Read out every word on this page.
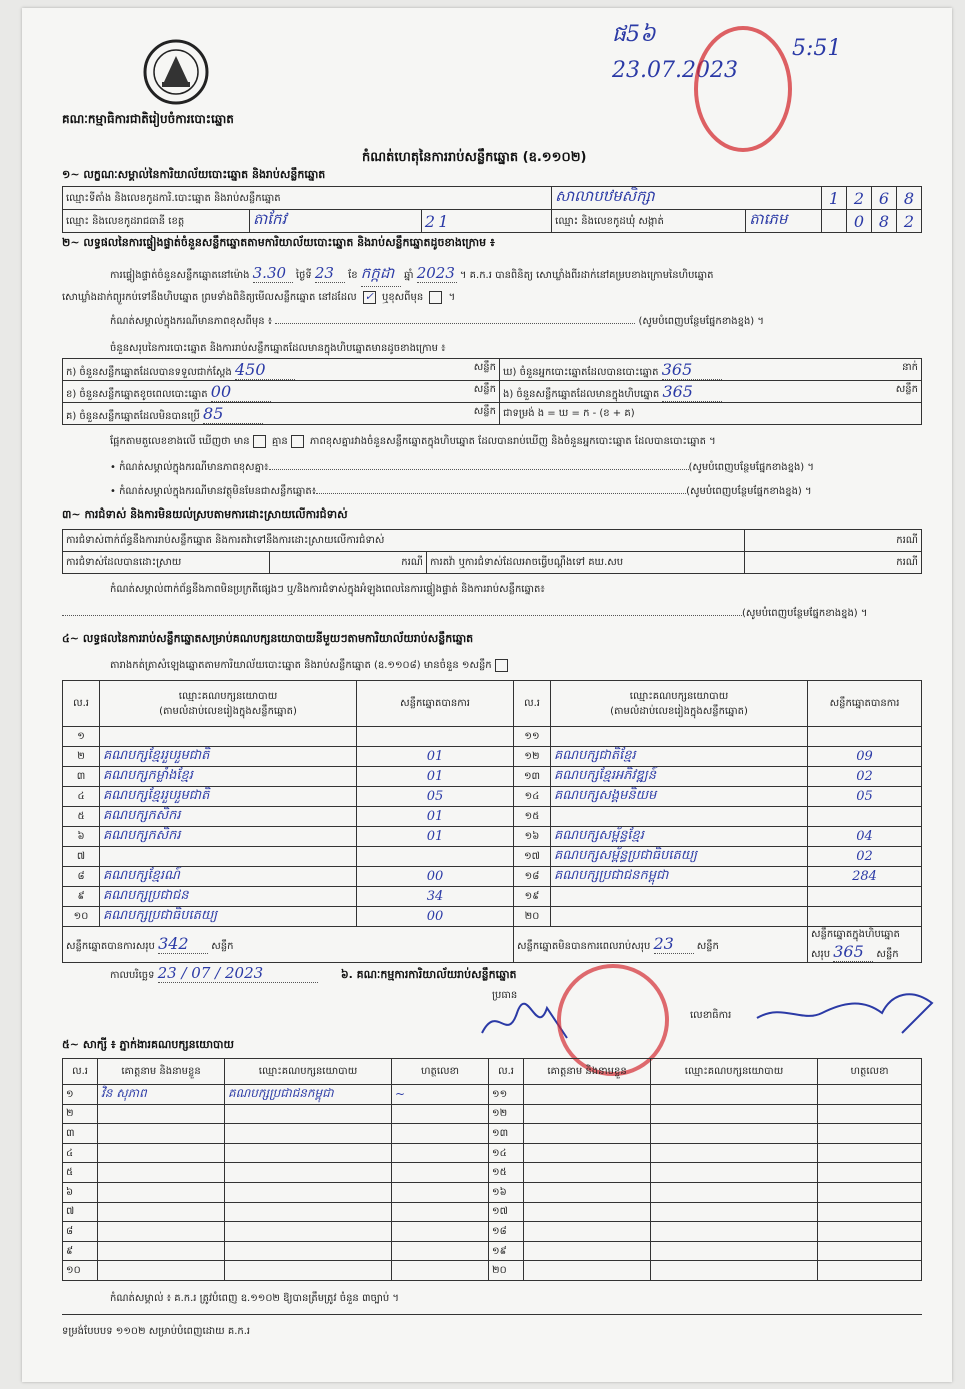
គណៈកម្មាធិការជាតិរៀបចំការបោះឆ្នោត
កំណត់ហេតុនៃការរាប់សន្លឹកឆ្នោត (ឧ.១១០២)
ផ5៦
5:51
23.07.2023
១~ លក្ខណៈសម្គាល់នៃការិយាល័យបោះឆ្នោត និងរាប់សន្លឹកឆ្នោត
ឈ្មោះទីតាំង និងលេខកូដការិ.បោះឆ្នោត និងរាប់សន្លឹកឆ្នោត			សាលាបឋមសិក្សា		1	2	6	8
ឈ្មោះ និងលេខកូដរាជធានី ខេត្ត	តាកែវ	2 1	ឈ្មោះ និងលេខកូដឃុំ សង្កាត់	តាភេម		0	8	2
២~ លទ្ធផលនៃការផ្ទៀងផ្ទាត់ចំនួនសន្លឹកឆ្នោតតាមការិយាល័យបោះឆ្នោត និងរាប់សន្លឹកឆ្នោតដូចខាងក្រោម ៖
ការផ្ទៀងផ្ទាត់ចំនួនសន្លឹកឆ្នោតនៅម៉ោង 3.30 ថ្ងៃទី 23 ខែ កក្កដា ឆ្នាំ 2023 ។ គ.ក.រ បានពិនិត្យ សោឃ្លាំងពីរដាក់នៅគម្របខាងក្រោមនៃហិបឆ្នោត
សោឃ្លាំងដាក់ព្យួរកប់ទៅនឹងហិបឆ្នោត ព្រមទាំងពិនិត្យមើលសន្លឹកឆ្នោត នៅដដែល ✓ ឬខុសពីមុន  ។
កំណត់សម្គាល់ក្នុងករណីមានភាពខុសពីមុន ៖	(សូមបំពេញបន្ថែមផ្នែកខាងខ្នង) ។
ចំនួនសរុបនៃការបោះឆ្នោត និងការរាប់សន្លឹកឆ្នោតដែលមានក្នុងហិបឆ្នោតមានដូចខាងក្រោម ៖
ក) ចំនួនសន្លឹកឆ្នោតដែលបានទទួលជាក់ស្តែង 450 សន្លឹក	ឃ) ចំនួនអ្នកបោះឆ្នោតដែលបានបោះឆ្នោត 365 នាក់

ខ) ចំនួនសន្លឹកឆ្នោតខូចពេលបោះឆ្នោត 00 សន្លឹក	ង) ចំនួនសន្លឹកឆ្នោតដែលមានក្នុងហិបឆ្នោត 365 សន្លឹក

គ) ចំនួនសន្លឹកឆ្នោតដែលមិនបានប្រើ 85 សន្លឹក	ជាទម្រង់ ង = ឃ = ក - (ខ + គ)
ផ្អែកតាមតួលេខខាងលើ ឃើញថា មាន គ្មាន ភាពខុសគ្នារវាងចំនួនសន្លឹកឆ្នោតក្នុងហិបឆ្នោត ដែលបានរាប់ឃើញ និងចំនួនអ្នកបោះឆ្នោត ដែលបានបោះឆ្នោត ។
• កំណត់សម្គាល់ក្នុងករណីមានភាពខុសគ្នា៖	(សូមបំពេញបន្ថែមផ្នែកខាងខ្នង) ។
• កំណត់សម្គាល់ក្នុងករណីមានវត្ថុមិនមែនជាសន្លឹកឆ្នោត៖	(សូមបំពេញបន្ថែមផ្នែកខាងខ្នង) ។
៣~ ការជំទាស់ និងការមិនយល់ស្របតាមការដោះស្រាយលើការជំទាស់
ការជំទាស់ពាក់ព័ន្ធនឹងការរាប់សន្លឹកឆ្នោត និងការតវ៉ាទៅនឹងការដោះស្រាយលើការជំទាស់			ករណី
ការជំទាស់ដែលបានដោះស្រាយ	ករណី	ការតវ៉ា ឬការជំទាស់ដែលអាចធ្វើបណ្តឹងទៅ គឃ.សប	ករណី
កំណត់សម្គាល់ពាក់ព័ន្ធនឹងភាពមិនប្រក្រតីផ្សេងៗ ឬ/និងការជំទាស់ក្នុងអំឡុងពេលនៃការផ្ទៀងផ្ទាត់ និងការរាប់សន្លឹកឆ្នោត៖
(សូមបំពេញបន្ថែមផ្នែកខាងខ្នង) ។
៤~ លទ្ធផលនៃការរាប់សន្លឹកឆ្នោតសម្រាប់គណបក្សនយោបាយនីមួយៗតាមការិយាល័យរាប់សន្លឹកឆ្នោត
តារាងកត់ត្រាសំឡេងឆ្នោតតាមការិយាល័យបោះឆ្នោត និងរាប់សន្លឹកឆ្នោត (ឧ.១១០៨) មានចំនួន ១សន្លឹក
ល.រ	ឈ្មោះគណបក្សនយោបាយ
(តាមលំដាប់លេខរៀងក្នុងសន្លឹកឆ្នោត)	សន្លឹកឆ្នោតបានការ	ល.រ	ឈ្មោះគណបក្សនយោបាយ
(តាមលំដាប់លេខរៀងក្នុងសន្លឹកឆ្នោត)	សន្លឹកឆ្នោតបានការ
១			១១		
២	គណបក្សខ្មែររួបរួមជាតិ	01	១២	គណបក្សជាតិខ្មែរ	09
៣	គណបក្សកម្លាំងខ្មែរ	01	១៣	គណបក្សខ្មែរអភិវឌ្ឍន៍	02
៤	គណបក្សខ្មែររួបរួមជាតិ	05	១៤	គណបក្សសង្គមនិយម	05
៥	គណបក្សកសិករ	01	១៥		
៦	គណបក្សកសិករ	01	១៦	គណបក្សសម្ព័ន្ធខ្មែរ	04
៧			១៧	គណបក្សសម្ព័ន្ធប្រជាធិបតេយ្យ	02
៨	គណបក្សខ្មែរណ៍	00	១៨	គណបក្សប្រជាជនកម្ពុជា	284
៩	គណបក្សប្រជាជន	34	១៩		
១០	គណបក្សប្រជាធិបតេយ្យ	00	២០		
សន្លឹកឆ្នោតបានការសរុប 342 សន្លឹក			សន្លឹកឆ្នោតមិនបានការពេលរាប់សរុប 23 សន្លឹក		សន្លឹកឆ្នោតក្នុងហិបឆ្នោតសរុប 365 សន្លឹក
កាលបរិច្ឆេទ 23 / 07 / 2023	៦. គណៈកម្មការការិយាល័យរាប់សន្លឹកឆ្នោត
ប្រធាន
លេខាធិការ
៥~ សាក្សី ៖ ភ្នាក់ងារគណបក្សនយោបាយ
ល.រ	គោត្តនាម និងនាមខ្លួន	ឈ្មោះគណបក្សនយោបាយ	ហត្ថលេខា	ល.រ	គោត្តនាម និងនាមខ្លួន	ឈ្មោះគណបក្សនយោបាយ	ហត្ថលេខា
១	វិន សុភាព	គណបក្សប្រជាជនកម្ពុជា	~	១១			
២				១២			
៣				១៣			
៤				១៤			
៥				១៥			
៦				១៦			
៧				១៧			
៨				១៨			
៩				១៩			
១០				២០			
កំណត់សម្គាល់ ៖ គ.ក.រ ត្រូវបំពេញ ឧ.១១០២ ឱ្យបានត្រឹមត្រូវ ចំនួន ៣ច្បាប់ ។
ទម្រង់បែបបទ ១១០២ សម្រាប់បំពេញដោយ គ.ក.រ
